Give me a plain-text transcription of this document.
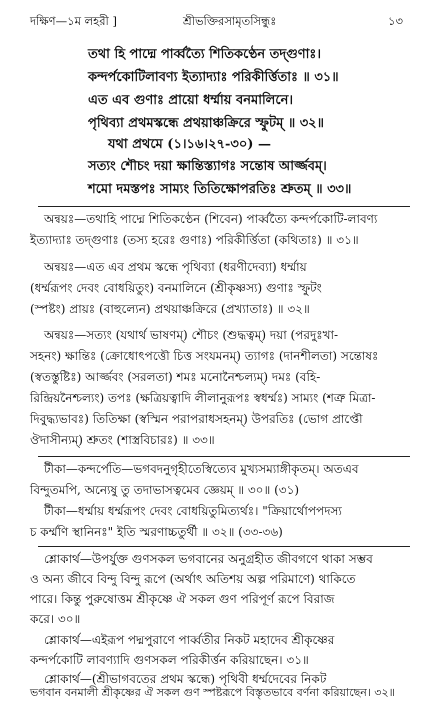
দক্ষিণ—১ম লহরী ]	শ্রীভক্তিরসামৃতসিন্ধুঃ	১৩
তথা হি পাদ্মে পার্ব্বত্যৈ শিতিকণ্ঠেন তদ্গুণাঃ।
কন্দর্পকোটিলাবণ্য ইত্যাদ্যাঃ পরিকীর্ত্তিতাঃ ॥ ৩১॥
এত এব গুণাঃ প্রায়ো ধর্ম্মায় বনমালিনে।
পৃথিব্যা প্রথমস্কন্ধে প্রথয়াঞ্চক্রিরে স্ফুটম্ ॥ ৩২॥
যথা প্রথমে (১।১৬।২৭-৩০) —
সত্যং শৌচং দয়া ক্ষান্তিস্ত্যাগঃ সন্তোষ আর্জ্জবম্।
শমো দমস্তপঃ সাম্যং তিতিক্ষোপরতিঃ শ্রুতম্ ॥ ৩৩॥
অন্বয়ঃ—তথাহি পাদ্মে শিতিকণ্ঠেন (শিবেন) পার্ব্বত্যৈ কন্দর্পকোটি-লাবণ্য
ইত্যাদ্যাঃ তদ্গুণাঃ (তস্য হরেঃ গুণাঃ) পরিকীর্ত্তিতা (কথিতাঃ) ॥ ৩১॥
অন্বয়ঃ—এত এব প্রথম স্কন্ধে পৃথিব্যা (ধরণীদেব্যা) ধর্ম্মায়
(ধর্ম্মরূপং দেবং বোধয়িতুং) বনমালিনে (শ্রীকৃষ্ণস্য) গুণাঃ স্ফুটং
(স্পষ্টং) প্রায়ঃ (বাহুল্যেন) প্রথয়াঞ্চক্রিরে (প্রখ্যাতাঃ) ॥ ৩২॥
অন্বয়ঃ—সত্যং (যথার্থ ভাষণম্) শৌচং (শুদ্ধত্বম্) দয়া (পরদুঃখা-
সহনং) ক্ষান্তিঃ (ক্রোধোৎপত্তৌ চিত্ত সংযমনম্) ত্যাগঃ (দানশীলতা) সন্তোষঃ
(স্বতস্তুষ্টিঃ) আর্জ্জবং (সরলতা) শমঃ মনোনৈশ্চল্যম্) দমঃ (বহি-
রিন্দ্রিয়নৈশ্চল্যং) তপঃ (ক্ষত্রিয়ত্বাদি লীলানুরূপঃ স্বধর্ম্মঃ) সাম্যং (শত্রু মিত্রা-
দিবুদ্ধ্যভাবঃ) তিতিক্ষা (স্বস্মিন পরাপরাধসহনম্) উপরতিঃ (ভোগ প্রাপ্তৌ
ঔদাসীন্যম্) শ্রুতং (শাস্ত্রবিচারঃ) ॥ ৩৩॥
টীকা—কন্দর্পেতি—ভগবদনুগৃহীতেস্বিত্যেব মুখ্যসম্যাঙ্গীকৃতম্। অতএব
বিন্দুতমপি, অন্যেষু তু তদাভাসত্বমেব জ্ঞেয়ম্ ॥ ৩০॥ (৩১)
টীকা—ধর্ম্মায় ধর্ম্মরূপং দেবং বোধয়িতুমিত্যর্থঃ। "ক্রিয়ার্থোপপদস্য
চ কর্ম্মণি স্থানিনঃ" ইতি স্মরণাচ্চতুর্থী ॥ ৩২॥ (৩৩-৩৬)
শ্লোকার্থ—উপর্যুক্ত গুণসকল ভগবানের অনুগ্রহীত জীবগণে থাকা সম্ভব
ও অন্য জীবে বিন্দু বিন্দু রূপে (অর্থাৎ অতিশয় অল্প পরিমাণে) থাকিতে
পারে। কিন্তু পুরুষোত্তম শ্রীকৃষ্ণে ঐ সকল গুণ পরিপূর্ণ রূপে বিরাজ
করে। ৩০॥
শ্লোকার্থ—এইরূপ পদ্মপুরাণে পার্ব্বতীর নিকট মহাদেব শ্রীকৃষ্ণের
কন্দর্পকোটি লাবণ্যাদি গুণসকল পরিকীর্ত্তন করিয়াছেন। ৩১॥
শ্লোকার্থ—(শ্রীভাগবতের প্রথম স্কন্ধে) পৃথিবী ধর্ম্মদেবের নিকট
ভগবান বনমালী শ্রীকৃষ্ণের ঐ সকল গুণ স্পষ্টরূপে বিস্তৃতভাবে বর্ণনা করিয়াছেন। ৩২॥
